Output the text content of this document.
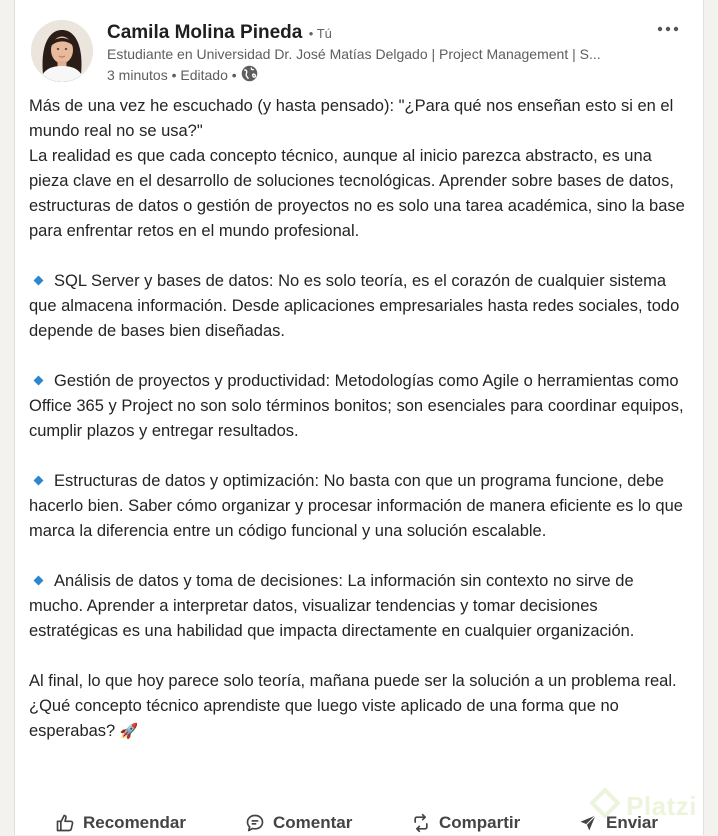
Camila Molina Pineda • Tú
Estudiante en Universidad Dr. José Matías Delgado | Project Management | S...
3 minutos • Editado •

Más de una vez he escuchado (y hasta pensado): "¿Para qué nos enseñan esto si en el mundo real no se usa?"

La realidad es que cada concepto técnico, aunque al inicio parezca abstracto, es una pieza clave en el desarrollo de soluciones tecnológicas. Aprender sobre bases de datos, estructuras de datos o gestión de proyectos no es solo una tarea académica, sino la base para enfrentar retos en el mundo profesional.

SQL Server y bases de datos: No es solo teoría, es el corazón de cualquier sistema que almacena información. Desde aplicaciones empresariales hasta redes sociales, todo depende de bases bien diseñadas.

Gestión de proyectos y productividad: Metodologías como Agile o herramientas como Office 365 y Project no son solo términos bonitos; son esenciales para coordinar equipos, cumplir plazos y entregar resultados.

Estructuras de datos y optimización: No basta con que un programa funcione, debe hacerlo bien. Saber cómo organizar y procesar información de manera eficiente es lo que marca la diferencia entre un código funcional y una solución escalable.

Análisis de datos y toma de decisiones: La información sin contexto no sirve de mucho. Aprender a interpretar datos, visualizar tendencias y tomar decisiones estratégicas es una habilidad que impacta directamente en cualquier organización.

Al final, lo que hoy parece solo teoría, mañana puede ser la solución a un problema real.

¿Qué concepto técnico aprendiste que luego viste aplicado de una forma que no esperabas? 🚀

Recomendar	Comentar	Compartir	Enviar
Platzi
